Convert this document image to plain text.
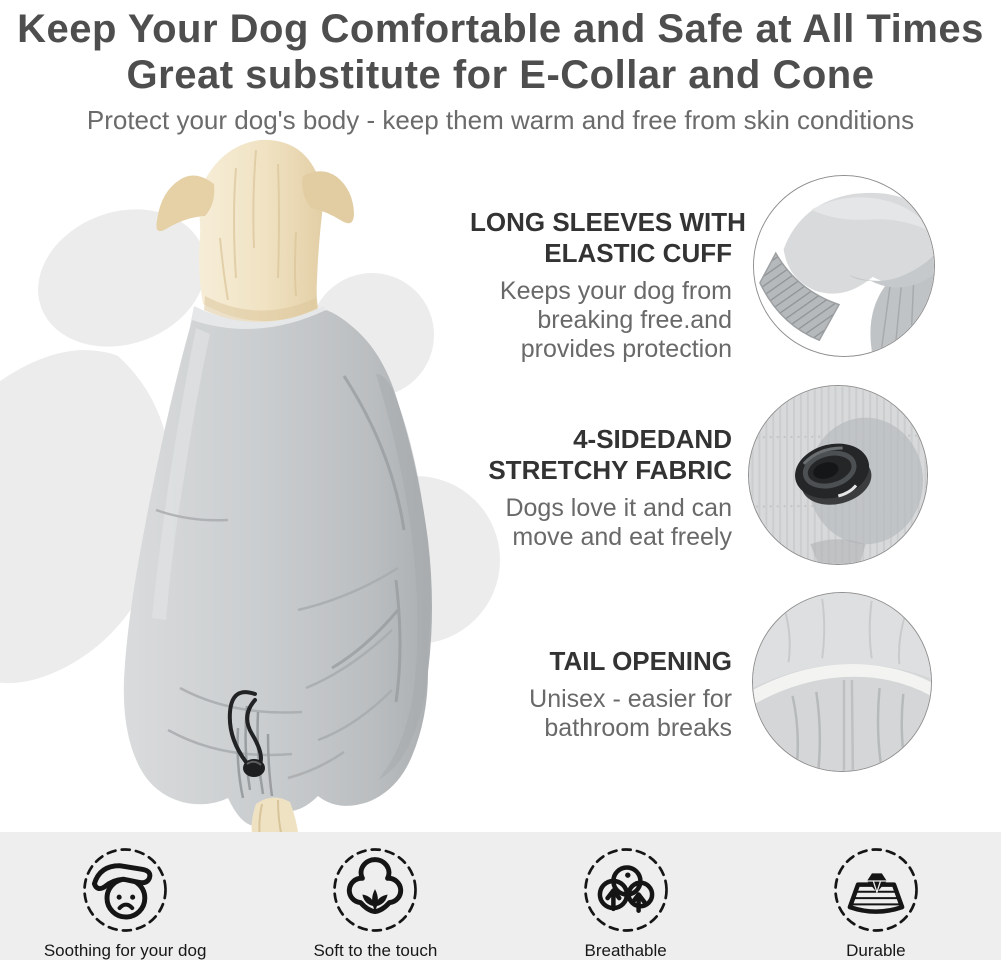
Keep Your Dog Comfortable and Safe at All Times
Great substitute for E-Collar and Cone
Protect your dog's body - keep them warm and free from skin conditions
LONG SLEEVES WITH
ELASTIC CUFF
Keeps your dog from breaking free.and provides protection
4-SIDEDAND
STRETCHY FABRIC
Dogs love it and can move and eat freely
TAIL OPENING
Unisex - easier for bathroom breaks
Soothing for your dog	Soft to the touch	Breathable	Durable
